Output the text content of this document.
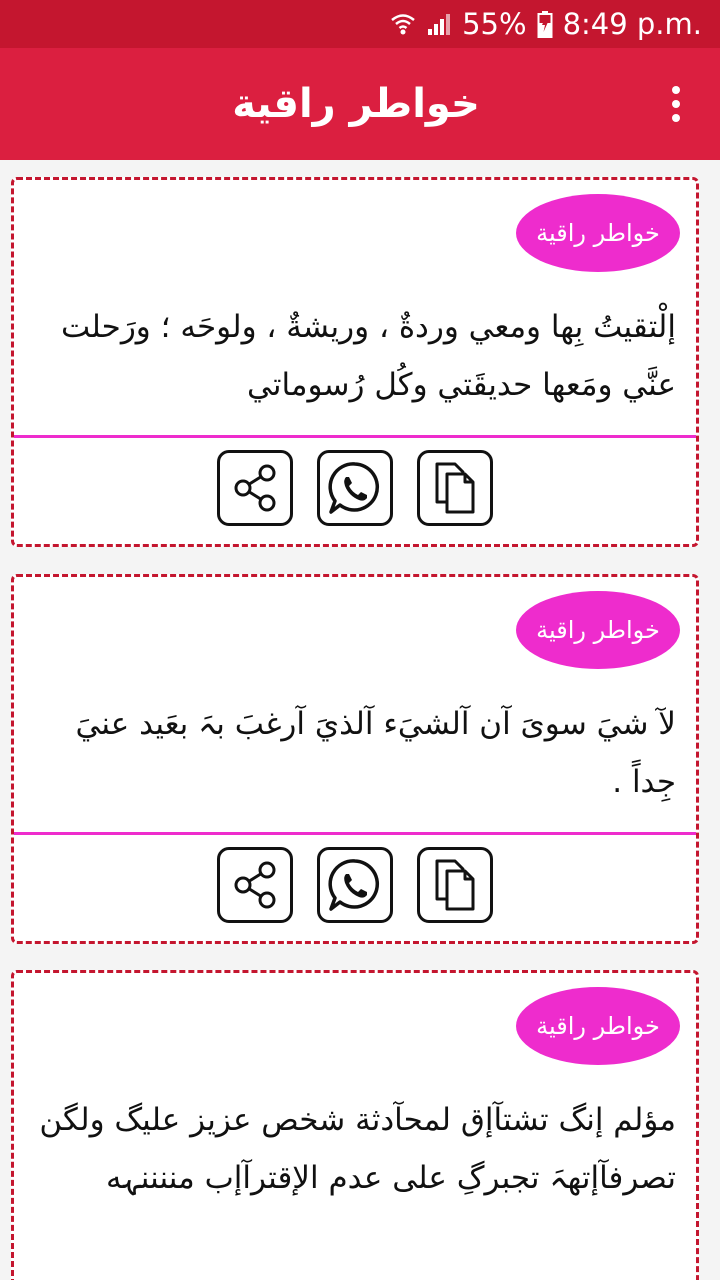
55% 8:49 p.m.
خواطر راقية
خواطر راقية
إلْتقيتُ بِها ومعي وردةٌ ، وريشةٌ ، ولوحَه ؛ ورَحلت عنَّي ومَعها حديقَتي وكُل رُسوماتي
خواطر راقية
لآ شيَ سوىَ آن آلشيَء آلذيَ آرغبَ بہَ بعَيد عنيَ جِداً .
خواطر راقية
مؤلم إنگ تشتآإق لمحآدثة شخص عزيز عليگ ولگن تصرفآإتهہَ تجبرگِ على عدم الإقترآإب مننننہه
